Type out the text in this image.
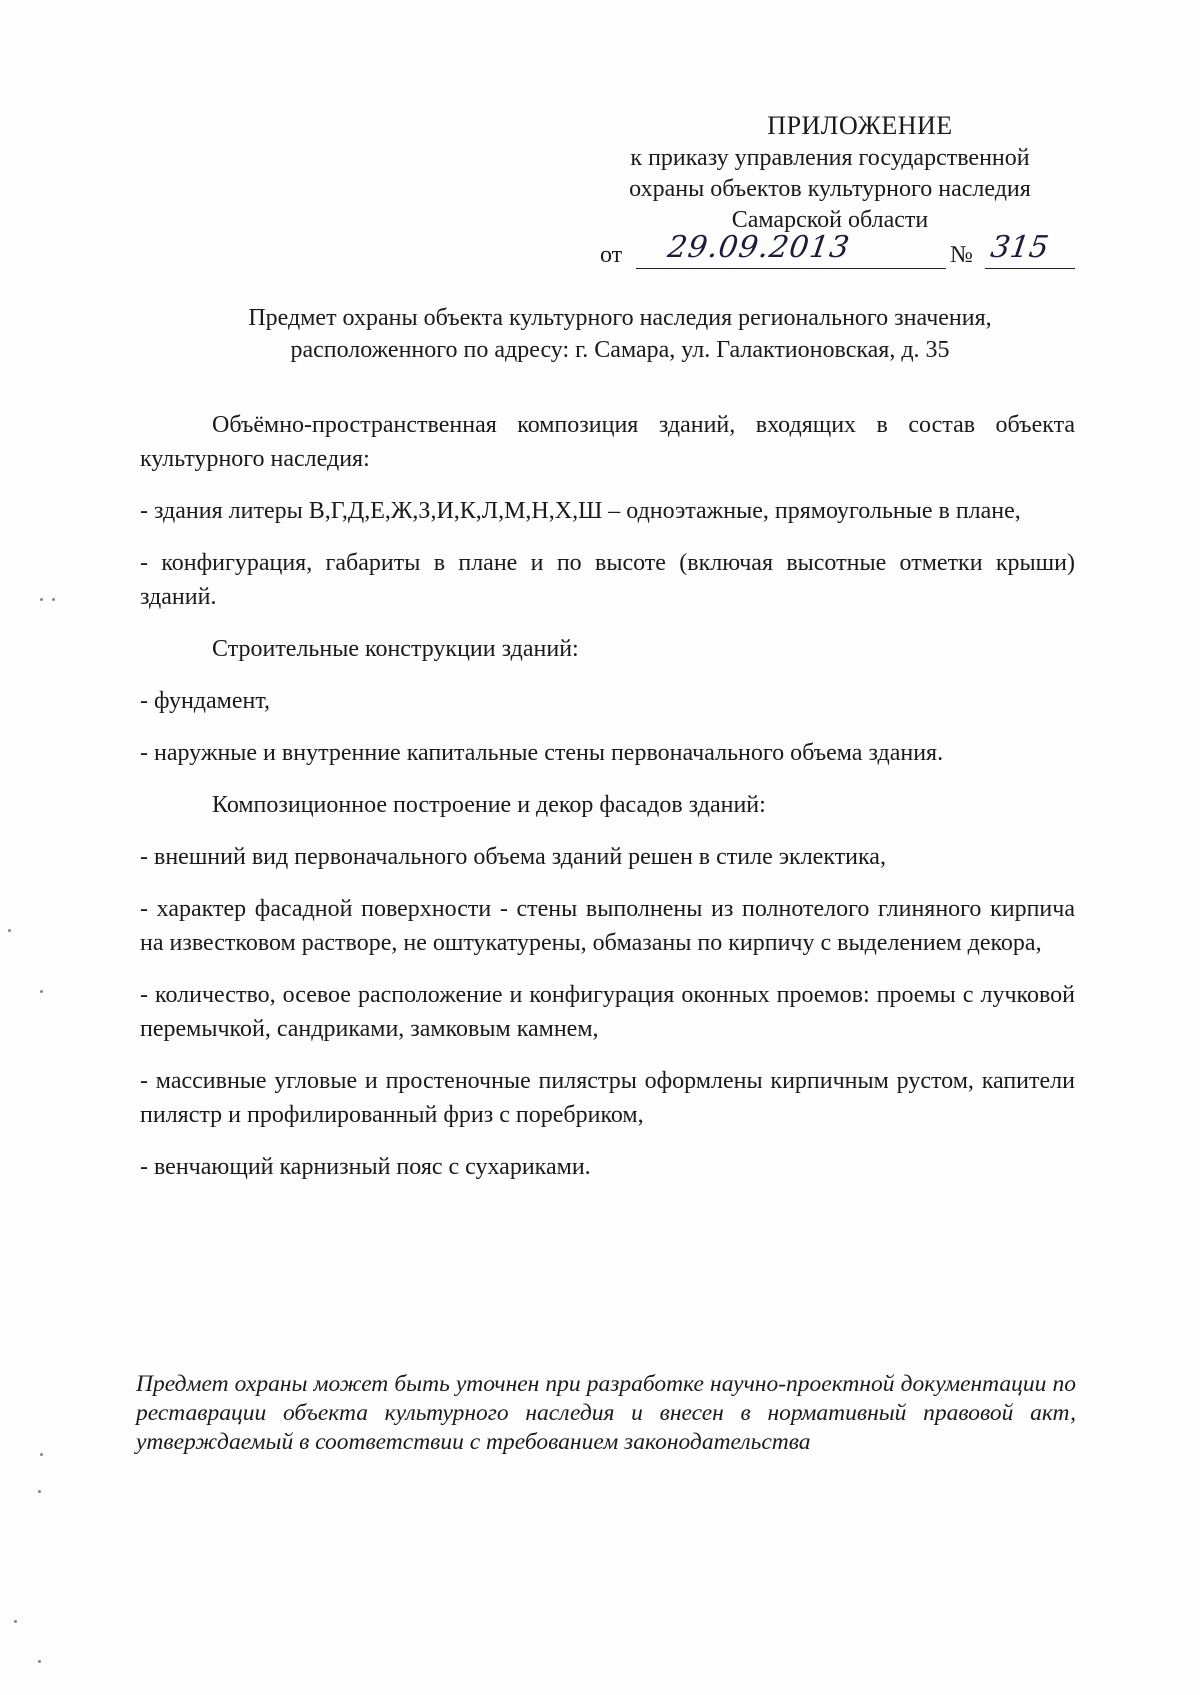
ПРИЛОЖЕНИЕ
к приказу управления государственной
охраны объектов культурного наследия
Самарской области
от 29.09.2013	№ 315
Предмет охраны объекта культурного наследия регионального значения,
расположенного по адресу: г. Самара, ул. Галактионовская, д. 35

Объёмно-пространственная композиция зданий, входящих в состав объекта культурного наследия:

- здания литеры В,Г,Д,Е,Ж,З,И,К,Л,М,Н,Х,Ш – одноэтажные, прямоугольные в плане,

- конфигурация, габариты в плане и по высоте (включая высотные отметки крыши) зданий.

Строительные конструкции зданий:

- фундамент,

- наружные и внутренние капитальные стены первоначального объема здания.

Композиционное построение и декор фасадов зданий:

- внешний вид первоначального объема зданий решен в стиле эклектика,

- характер фасадной поверхности - стены выполнены из полнотелого глиняного кирпича на известковом растворе, не оштукатурены, обмазаны по кирпичу с выделением декора,

- количество, осевое расположение и конфигурация оконных проемов: проемы с лучковой перемычкой, сандриками, замковым камнем,

- массивные угловые и простеночные пилястры оформлены кирпичным рустом, капители пилястр и профилированный фриз с поребриком,

- венчающий карнизный пояс с сухариками.

Предмет охраны может быть уточнен при разработке научно-проектной документации по реставрации объекта культурного наследия и внесен в нормативный правовой акт, утверждаемый в соответствии с требованием законодательства
